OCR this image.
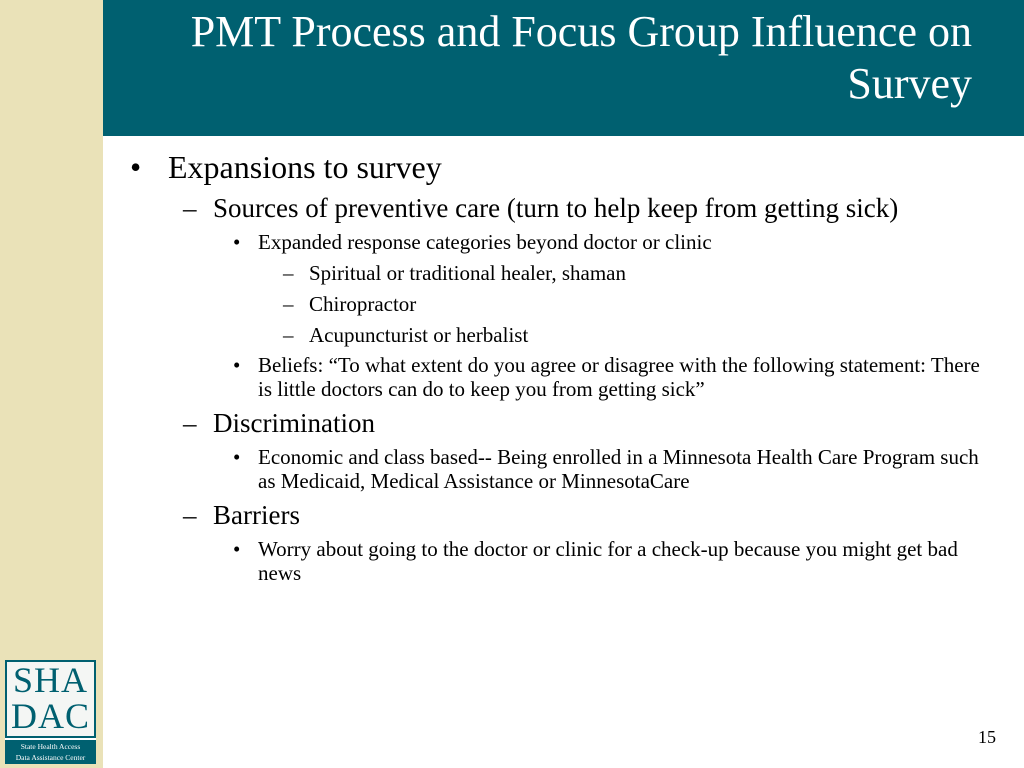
PMT Process and Focus Group Influence on Survey
• Expansions to survey
– Sources of preventive care (turn to help keep from getting sick)
• Expanded response categories beyond doctor or clinic
– Spiritual or traditional healer, shaman
– Chiropractor
– Acupuncturist or herbalist
• Beliefs: “To what extent do you agree or disagree with the following statement: There is little doctors can do to keep you from getting sick”
– Discrimination
• Economic and class based-- Being enrolled in a Minnesota Health Care Program such as Medicaid, Medical Assistance or MinnesotaCare
– Barriers
• Worry about going to the doctor or clinic for a check-up because you might get bad news
SHA
DAC
State Health Access
Data Assistance Center
15
